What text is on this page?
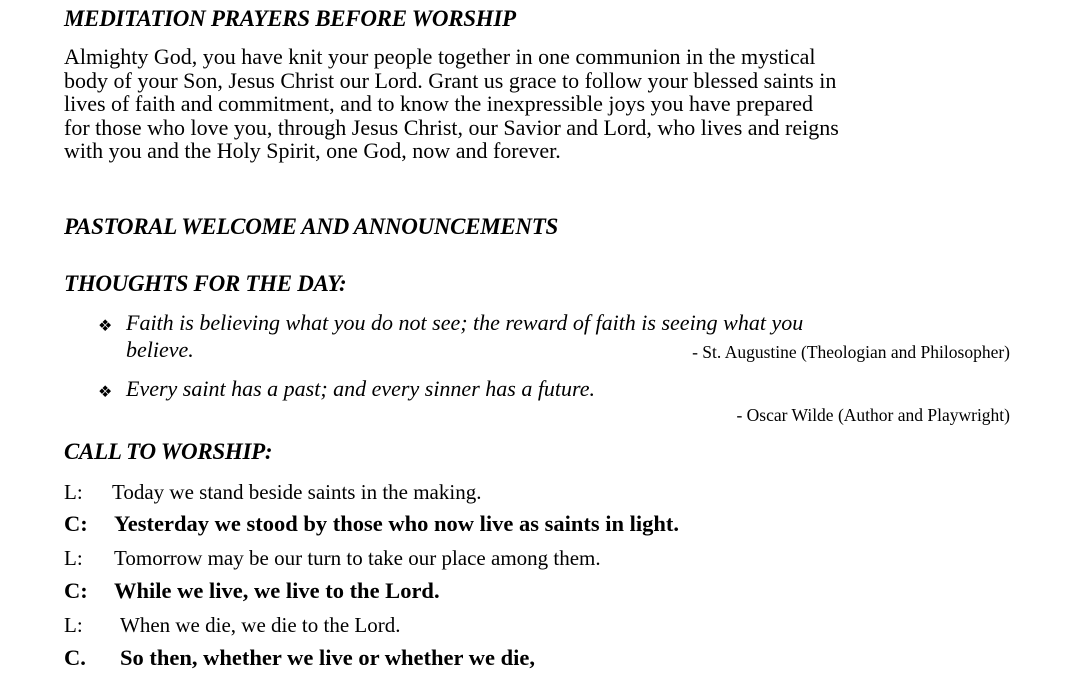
MEDITATION PRAYERS BEFORE WORSHIP
Almighty God, you have knit your people together in one communion in the mystical
body of your Son, Jesus Christ our Lord. Grant us grace to follow your blessed saints in
lives of faith and commitment, and to know the inexpressible joys you have prepared
for those who love you, through Jesus Christ, our Savior and Lord, who lives and reigns
with you and the Holy Spirit, one God, now and forever.
PASTORAL WELCOME AND ANNOUNCEMENTS
THOUGHTS FOR THE DAY:
❖ Faith is believing what you do not see; the reward of faith is seeing what you
believe.	- St. Augustine (Theologian and Philosopher)
❖ Every saint has a past; and every sinner has a future.
- Oscar Wilde (Author and Playwright)
CALL TO WORSHIP:
L: Today we stand beside saints in the making.
C: Yesterday we stood by those who now live as saints in light.
L: Tomorrow may be our turn to take our place among them.
C: While we live, we live to the Lord.
L: When we die, we die to the Lord.
C. So then, whether we live or whether we die,
